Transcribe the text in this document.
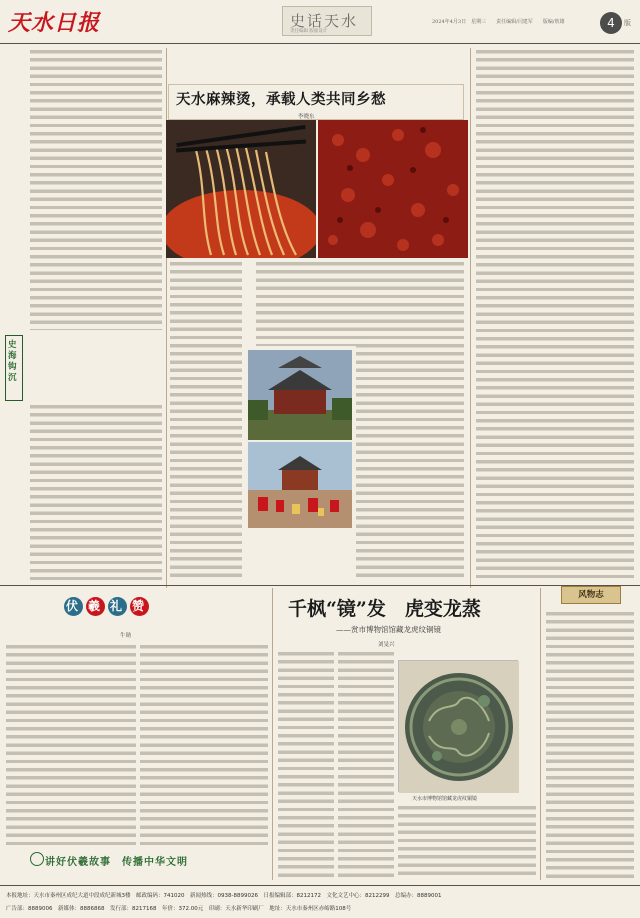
天水日报	史话天水
责任编辑 版面设计
2024年4月3日　星期三　　责任编辑/闫建军　　版编/敖雄	4	版
天水麻辣烫，承载人类共同乡愁
李晓东
史
海
钩
沉
伏 羲 礼 赞
牛勋
讲好伏羲故事　传播中华文明
千枫“镜”发　虎变龙蒸
——赏市博物馆馆藏龙虎纹铜镜
刘旻兴
天水市博物馆馆藏龙虎纹铜镜
风物志
本报地址：天水市秦州区成纪大道中段成纪新城3楼　邮政编码：741020　新闻热线：0938-8899026　日报编辑部：8212172　文化文艺中心：8212299　总编办：8889001
广告部：8889006　新媒体：8886868　发行部：8217168　年价：372.00元　印刷：天水新华印刷厂　地址：天水市秦州区赤峪路108号
